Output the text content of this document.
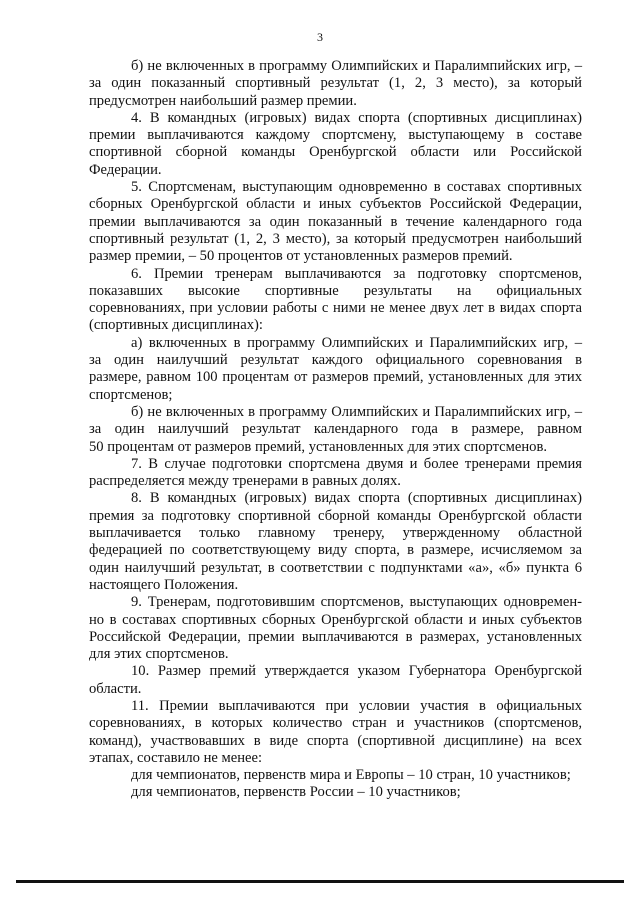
3
б) не включенных в программу Олимпийских и Паралимпийских игр, –
за один показанный спортивный результат (1, 2, 3 место), за который
предусмотрен наибольший размер премии.
4. В командных (игровых) видах спорта (спортивных дисциплинах)
премии выплачиваются каждому спортсмену, выступающему в составе
спортивной сборной команды Оренбургской области или Российской
Федерации.
5. Спортсменам, выступающим одновременно в составах спортивных
сборных Оренбургской области и иных субъектов Российской Федерации,
премии выплачиваются за один показанный в течение календарного года
спортивный результат (1, 2, 3 место), за который предусмотрен наибольший
размер премии, – 50 процентов от установленных размеров премий.
6. Премии тренерам выплачиваются за подготовку спортсменов,
показавших высокие спортивные результаты на официальных
соревнованиях, при условии работы с ними не менее двух лет в видах спорта
(спортивных дисциплинах):
а) включенных в программу Олимпийских и Паралимпийских игр, –
за один наилучший результат каждого официального соревнования в
размере, равном 100 процентам от размеров премий, установленных для этих
спортсменов;
б) не включенных в программу Олимпийских и Паралимпийских игр, –
за один наилучший результат календарного года в размере, равном
50 процентам от размеров премий, установленных для этих спортсменов.
7. В случае подготовки спортсмена двумя и более тренерами премия
распределяется между тренерами в равных долях.
8. В командных (игровых) видах спорта (спортивных дисциплинах)
премия за подготовку спортивной сборной команды Оренбургской области
выплачивается только главному тренеру, утвержденному областной
федерацией по соответствующему виду спорта, в размере, исчисляемом за
один наилучший результат, в соответствии с подпунктами «а», «б» пункта 6
настоящего Положения.
9. Тренерам, подготовившим спортсменов, выступающих одновремен-
но в составах спортивных сборных Оренбургской области и иных субъектов
Российской Федерации, премии выплачиваются в размерах, установленных
для этих спортсменов.
10. Размер премий утверждается указом Губернатора Оренбургской
области.
11. Премии выплачиваются при условии участия в официальных
соревнованиях, в которых количество стран и участников (спортсменов,
команд), участвовавших в виде спорта (спортивной дисциплине) на всех
этапах, составило не менее:
для чемпионатов, первенств мира и Европы – 10 стран, 10 участников;
для чемпионатов, первенств России – 10 участников;
